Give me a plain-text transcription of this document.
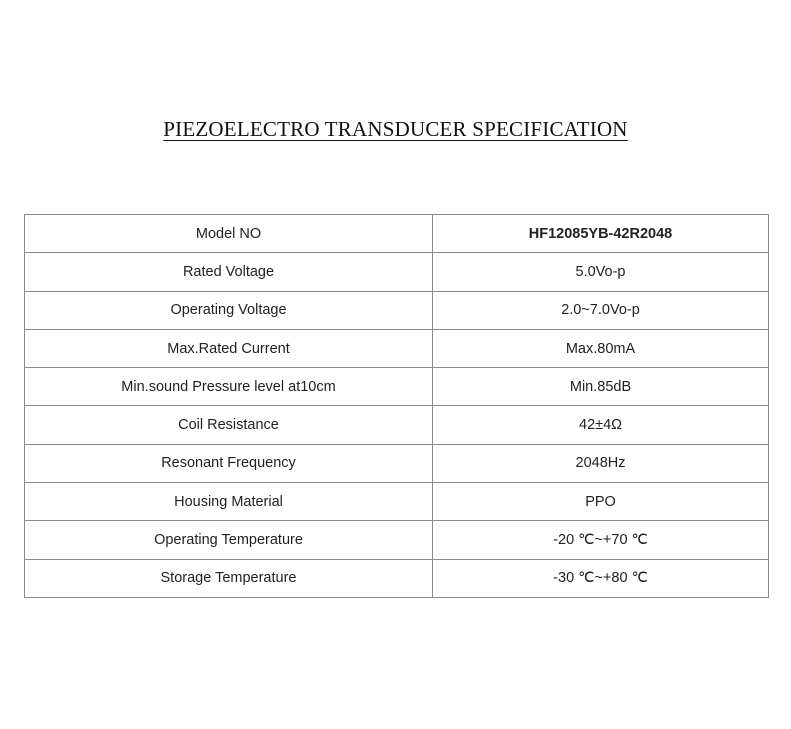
PIEZOELECTRO TRANSDUCER SPECIFICATION
Model NO	HF12085YB-42R2048
Rated Voltage	5.0Vo-p
Operating Voltage	2.0~7.0Vo-p
Max.Rated Current	Max.80mA
Min.sound Pressure level at10cm	Min.85dB
Coil Resistance	42±4Ω
Resonant Frequency	2048Hz
Housing Material	PPO
Operating Temperature	-20 ℃~+70 ℃
Storage Temperature	-30 ℃~+80 ℃
